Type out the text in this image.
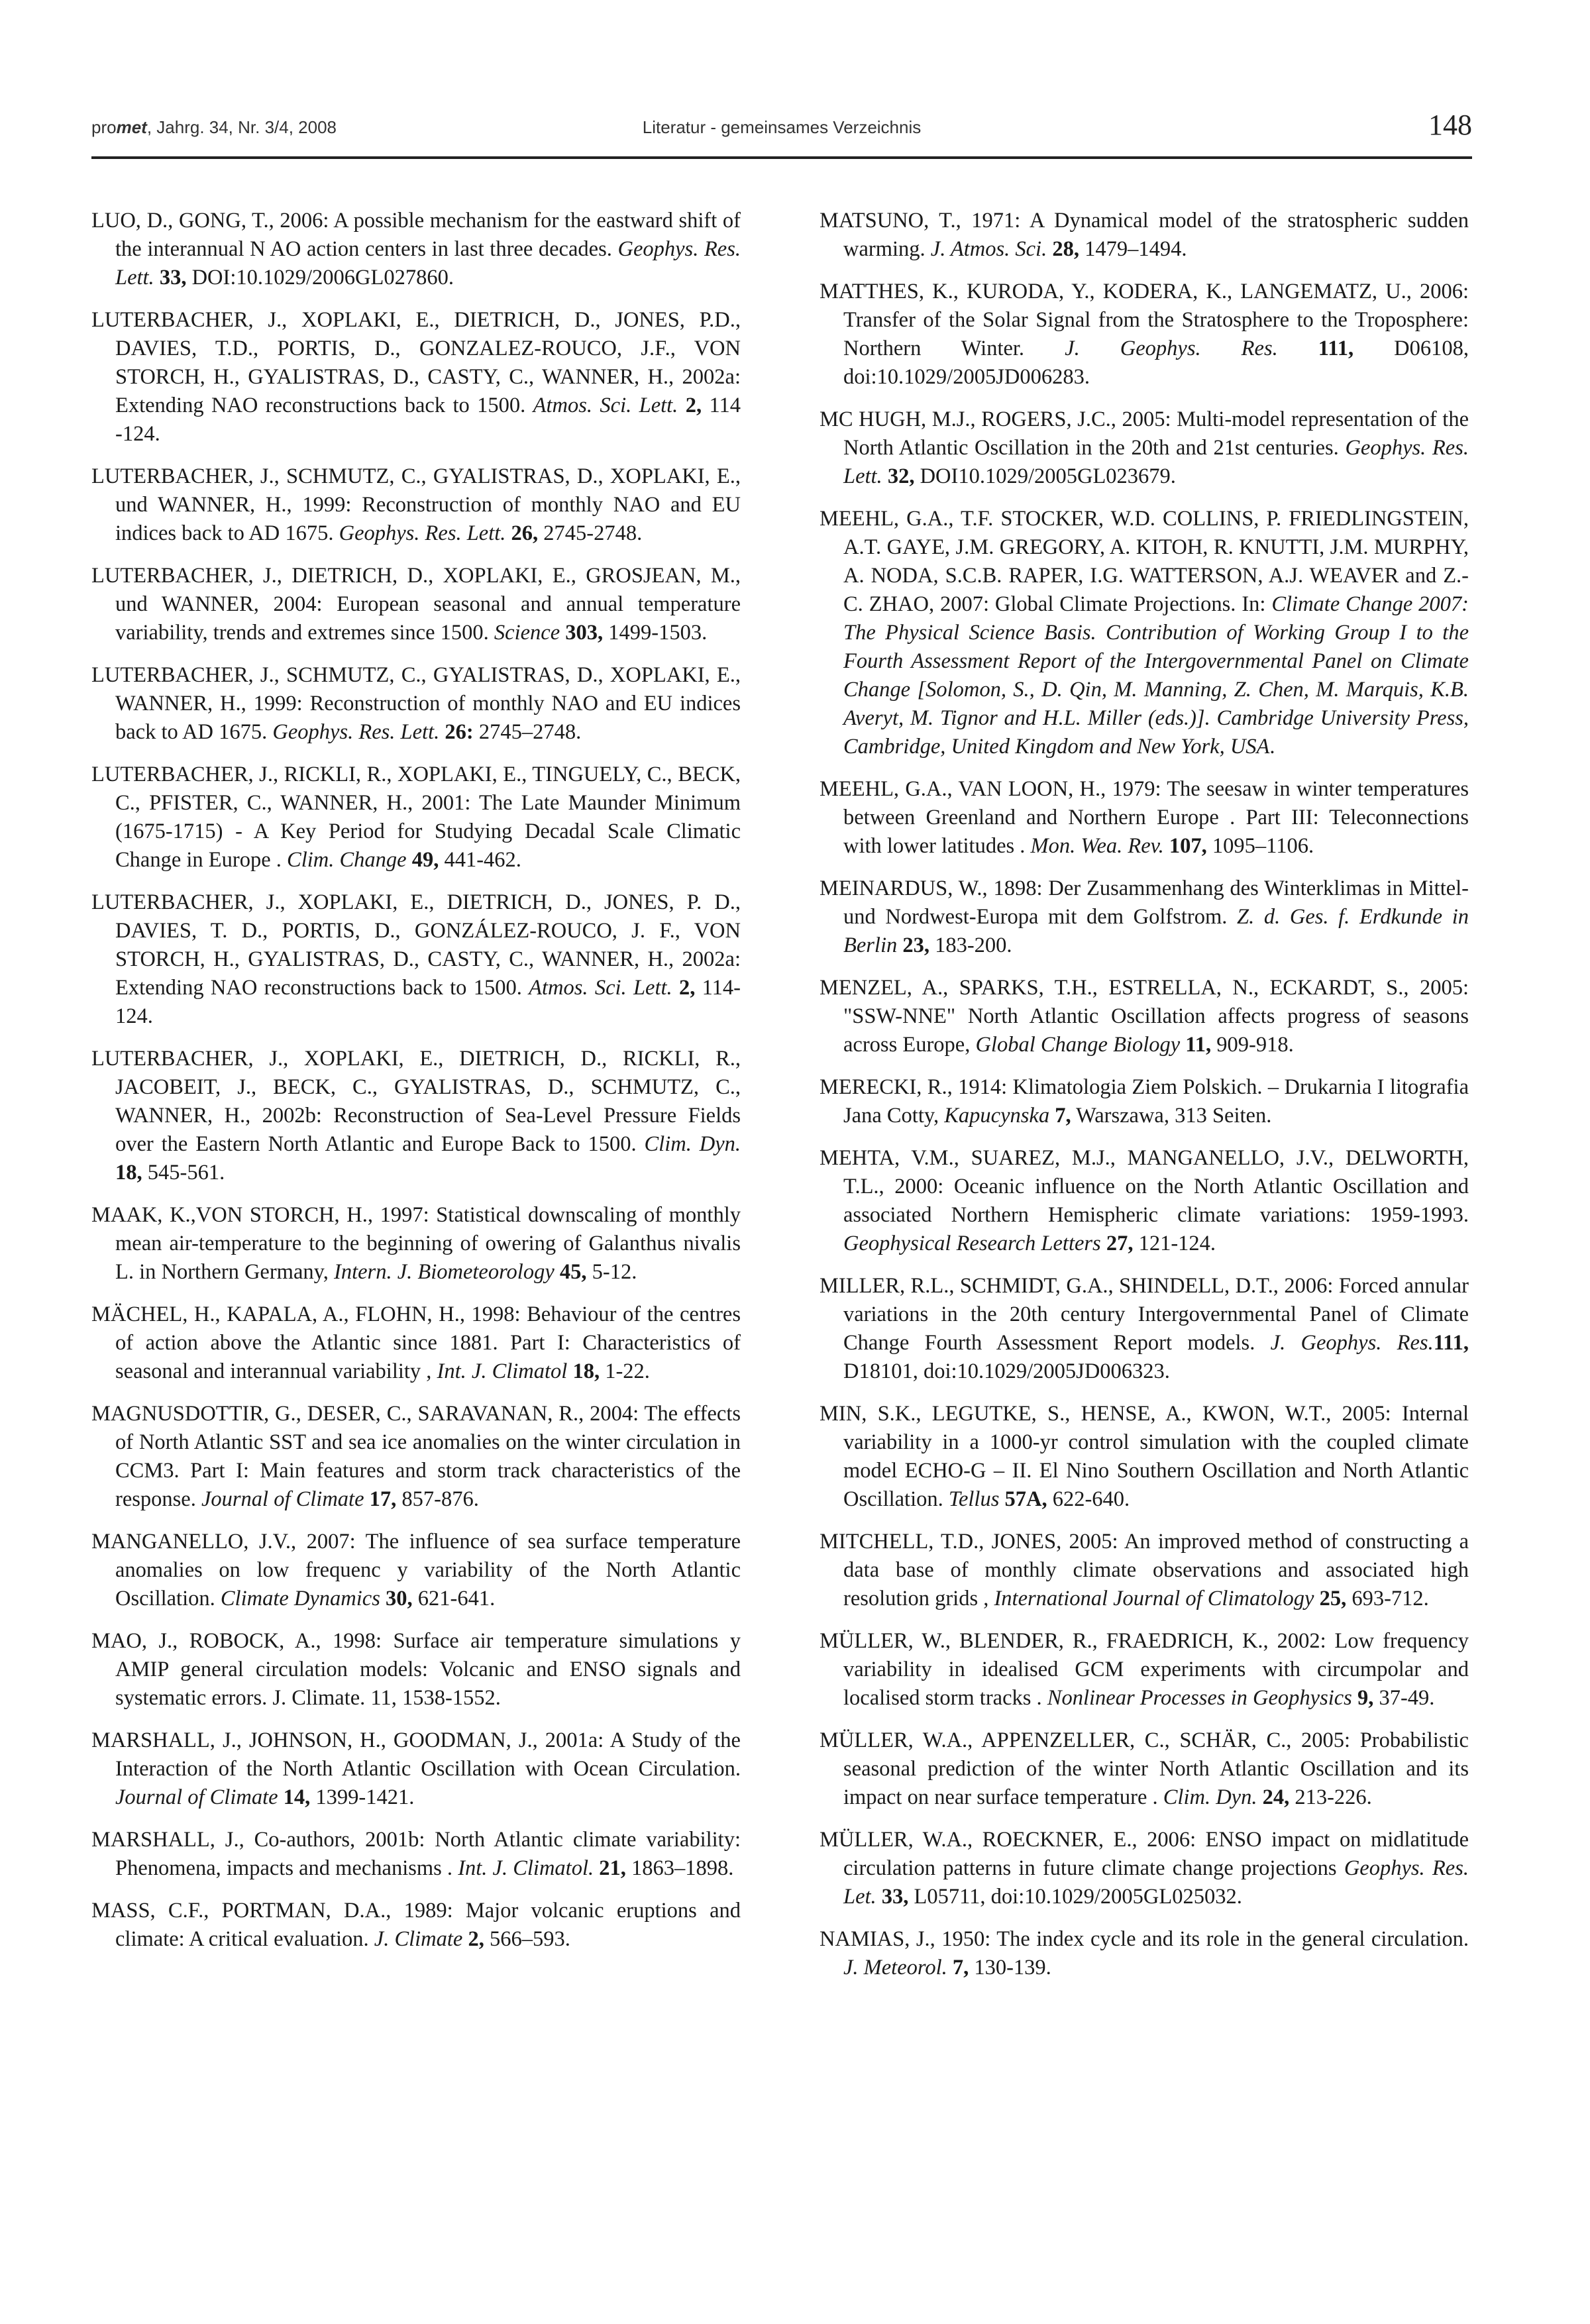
promet, Jahrg. 34, Nr. 3/4, 2008	Literatur - gemeinsames Verzeichnis	148

LUO, D., GONG, T., 2006: A possible mechanism for the eastward shift of the interannual N AO action centers in last three decades. Geophys. Res. Lett. 33, DOI:10.1029/2006GL027860.

LUTERBACHER, J., XOPLAKI, E., DIETRICH, D., JONES, P.D., DAVIES, T.D., PORTIS, D., GONZALEZ-ROUCO, J.F., VON STORCH, H., GYALISTRAS, D., CASTY, C., WANNER, H., 2002a: Extending NAO reconstructions back to 1500. Atmos. Sci. Lett. 2, 114 -124.

LUTERBACHER, J., SCHMUTZ, C., GYALISTRAS, D., XOPLAKI, E., und WANNER, H., 1999: Reconstruction of monthly NAO and EU indices back to AD 1675. Geophys. Res. Lett. 26, 2745-2748.

LUTERBACHER, J., DIETRICH, D., XOPLAKI, E., GROSJEAN, M., und WANNER, 2004: European seasonal and annual temperature variability, trends and extremes since 1500. Science 303, 1499-1503.

LUTERBACHER, J., SCHMUTZ, C., GYALISTRAS, D., XOPLAKI, E., WANNER, H., 1999: Reconstruction of monthly NAO and EU indices back to AD 1675. Geophys. Res. Lett. 26: 2745–2748.

LUTERBACHER, J., RICKLI, R., XOPLAKI, E., TINGUELY, C., BECK, C., PFISTER, C., WANNER, H., 2001: The Late Maunder Minimum (1675-1715) - A Key Period for Studying Decadal Scale Climatic Change in Europe . Clim. Change 49, 441-462.

LUTERBACHER, J., XOPLAKI, E., DIETRICH, D., JONES, P. D., DAVIES, T. D., PORTIS, D., GONZÁLEZ-ROUCO, J. F., VON STORCH, H., GYALISTRAS, D., CASTY, C., WANNER, H., 2002a: Extending NAO reconstructions back to 1500. Atmos. Sci. Lett. 2, 114-124.

LUTERBACHER, J., XOPLAKI, E., DIETRICH, D., RICKLI, R., JACOBEIT, J., BECK, C., GYALISTRAS, D., SCHMUTZ, C., WANNER, H., 2002b: Reconstruction of Sea-Level Pressure Fields over the Eastern North Atlantic and Europe Back to 1500. Clim. Dyn. 18, 545-561.

MAAK, K.,VON STORCH, H., 1997: Statistical downscaling of monthly mean air-temperature to the beginning of owering of Galanthus nivalis L. in Northern Germany, Intern. J. Biometeorology 45, 5-12.

MÄCHEL, H., KAPALA, A., FLOHN, H., 1998: Behaviour of the centres of action above the Atlantic since 1881. Part I: Characteristics of seasonal and interannual variability , Int. J. Climatol 18, 1-22.

MAGNUSDOTTIR, G., DESER, C., SARAVANAN, R., 2004: The effects of North Atlantic SST and sea ice anomalies on the winter circulation in CCM3. Part I: Main features and storm track characteristics of the response. Journal of Climate 17, 857-876.

MANGANELLO, J.V., 2007: The influence of sea surface temperature anomalies on low frequenc y variability of the North Atlantic Oscillation. Climate Dynamics 30, 621-641.

MAO, J., ROBOCK, A., 1998: Surface air temperature simulations y AMIP general circulation models: Volcanic and ENSO signals and systematic errors. J. Climate. 11, 1538-1552.

MARSHALL, J., JOHNSON, H., GOODMAN, J., 2001a: A Study of the Interaction of the North Atlantic Oscillation with Ocean Circulation. Journal of Climate 14, 1399-1421.

MARSHALL, J., Co-authors, 2001b: North Atlantic climate variability: Phenomena, impacts and mechanisms . Int. J. Climatol. 21, 1863–1898.

MASS, C.F., PORTMAN, D.A., 1989: Major volcanic eruptions and climate: A critical evaluation. J. Climate 2, 566–593.

MATSUNO, T., 1971: A Dynamical model of the stratospheric sudden warming. J. Atmos. Sci. 28, 1479–1494.

MATTHES, K., KURODA, Y., KODERA, K., LANGEMATZ, U., 2006: Transfer of the Solar Signal from the Stratosphere to the Troposphere: Northern Winter. J. Geophys. Res. 111, D06108, doi:10.1029/2005JD006283.

MC HUGH, M.J., ROGERS, J.C., 2005: Multi-model representation of the North Atlantic Oscillation in the 20th and 21st centuries. Geophys. Res. Lett. 32, DOI10.1029/2005GL023679.

MEEHL, G.A., T.F. STOCKER, W.D. COLLINS, P. FRIEDLINGSTEIN, A.T. GAYE, J.M. GREGORY, A. KITOH, R. KNUTTI, J.M. MURPHY, A. NODA, S.C.B. RAPER, I.G. WATTERSON, A.J. WEAVER and Z.-C. ZHAO, 2007: Global Climate Projections. In: Climate Change 2007: The Physical Science Basis. Contribution of Working Group I to the Fourth Assessment Report of the Intergovernmental Panel on Climate Change [Solomon, S., D. Qin, M. Manning, Z. Chen, M. Marquis, K.B. Averyt, M. Tignor and H.L. Miller (eds.)]. Cambridge University Press, Cambridge, United Kingdom and New York, USA.

MEEHL, G.A., VAN LOON, H., 1979: The seesaw in winter temperatures between Greenland and Northern Europe . Part III: Teleconnections with lower latitudes . Mon. Wea. Rev. 107, 1095–1106.

MEINARDUS, W., 1898: Der Zusammenhang des Winterklimas in Mittel- und Nordwest-Europa mit dem Golfstrom. Z. d. Ges. f. Erdkunde in Berlin 23, 183-200.

MENZEL, A., SPARKS, T.H., ESTRELLA, N., ECKARDT, S., 2005: "SSW-NNE" North Atlantic Oscillation affects progress of seasons across Europe, Global Change Biology 11, 909-918.

MERECKI, R., 1914: Klimatologia Ziem Polskich. – Drukarnia I litografia Jana Cotty, Kapucynska 7, Warszawa, 313 Seiten.

MEHTA, V.M., SUAREZ, M.J., MANGANELLO, J.V., DELWORTH, T.L., 2000: Oceanic influence on the North Atlantic Oscillation and associated Northern Hemispheric climate variations: 1959-1993. Geophysical Research Letters 27, 121-124.

MILLER, R.L., SCHMIDT, G.A., SHINDELL, D.T., 2006: Forced annular variations in the 20th century Intergovernmental Panel of Climate Change Fourth Assessment Report models. J. Geophys. Res.111, D18101, doi:10.1029/2005JD006323.

MIN, S.K., LEGUTKE, S., HENSE, A., KWON, W.T., 2005: Internal variability in a 1000-yr control simulation with the coupled climate model ECHO-G – II. El Nino Southern Oscillation and North Atlantic Oscillation. Tellus 57A, 622-640.

MITCHELL, T.D., JONES, 2005: An improved method of constructing a data base of monthly climate observations and associated high resolution grids , International Journal of Climatology 25, 693-712.

MÜLLER, W., BLENDER, R., FRAEDRICH, K., 2002: Low frequency variability in idealised GCM experiments with circumpolar and localised storm tracks . Nonlinear Processes in Geophysics 9, 37-49.

MÜLLER, W.A., APPENZELLER, C., SCHÄR, C., 2005: Probabilistic seasonal prediction of the winter North Atlantic Oscillation and its impact on near surface temperature . Clim. Dyn. 24, 213-226.

MÜLLER, W.A., ROECKNER, E., 2006: ENSO impact on midlatitude circulation patterns in future climate change projections Geophys. Res. Let. 33, L05711, doi:10.1029/2005GL025032.

NAMIAS, J., 1950: The index cycle and its role in the general circulation. J. Meteorol. 7, 130-139.
